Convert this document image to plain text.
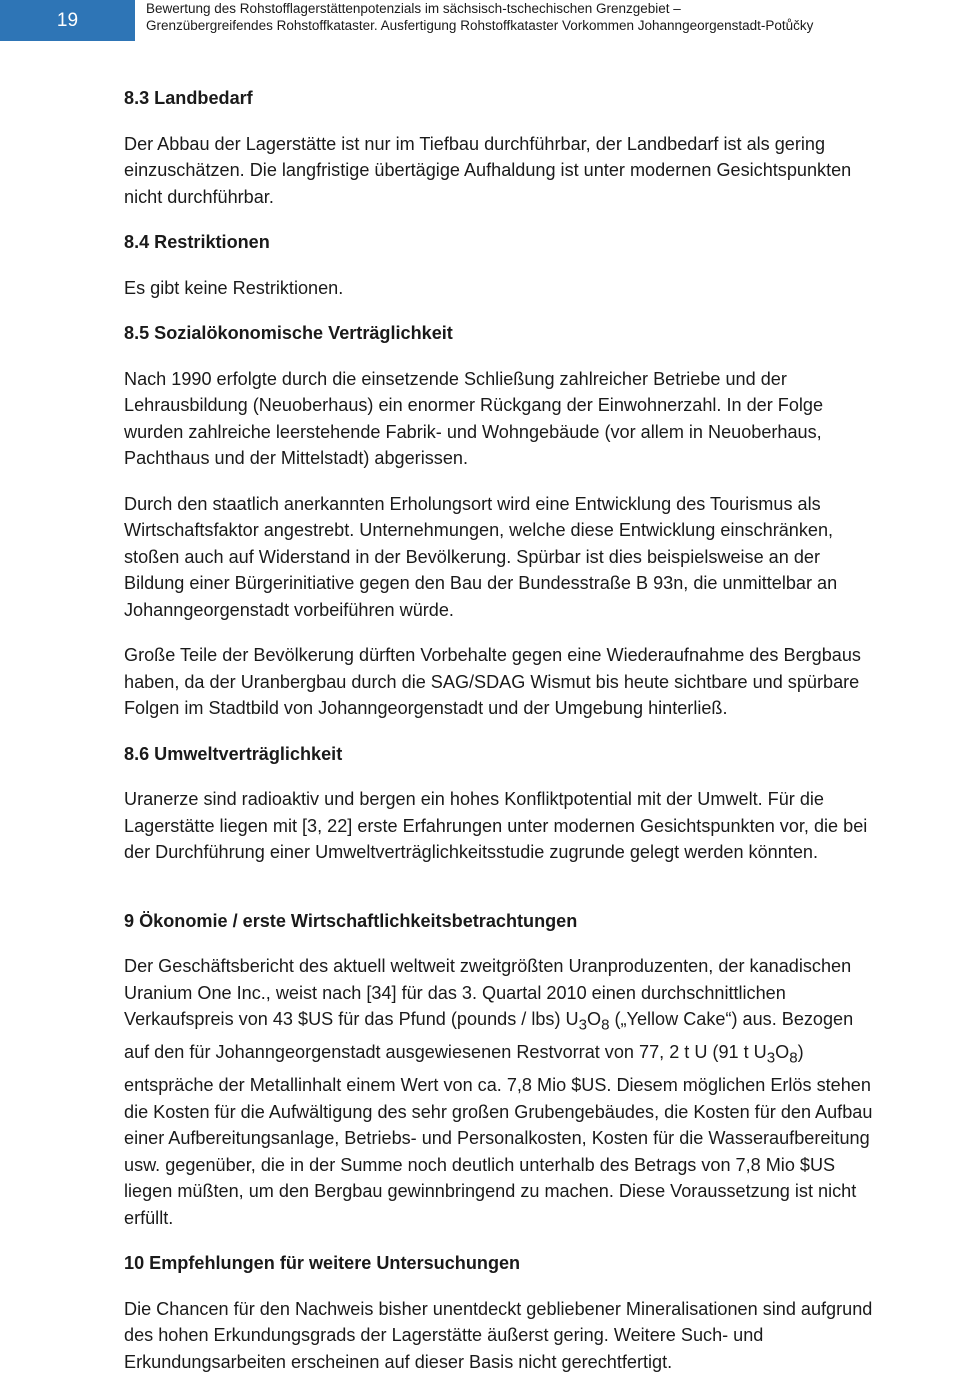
19
Bewertung des Rohstofflagerstättenpotenzials im sächsisch-tschechischen Grenzgebiet –
Grenzübergreifendes Rohstoffkataster. Ausfertigung Rohstoffkataster Vorkommen Johanngeorgenstadt-Potůčky

8.3 Landbedarf

Der Abbau der Lagerstätte ist nur im Tiefbau durchführbar, der Landbedarf ist als gering
einzuschätzen. Die langfristige übertägige Aufhaldung ist unter modernen Gesichtspunkten
nicht durchführbar.

8.4 Restriktionen

Es gibt keine Restriktionen.

8.5 Sozialökonomische Verträglichkeit

Nach 1990 erfolgte durch die einsetzende Schließung zahlreicher Betriebe und der
Lehrausbildung (Neuoberhaus) ein enormer Rückgang der Einwohnerzahl. In der Folge
wurden zahlreiche leerstehende Fabrik- und Wohngebäude (vor allem in Neuoberhaus,
Pachthaus und der Mittelstadt) abgerissen.

Durch den staatlich anerkannten Erholungsort wird eine Entwicklung des Tourismus als
Wirtschaftsfaktor angestrebt. Unternehmungen, welche diese Entwicklung einschränken,
stoßen auch auf Widerstand in der Bevölkerung. Spürbar ist dies beispielsweise an der
Bildung einer Bürgerinitiative gegen den Bau der Bundesstraße B 93n, die unmittelbar an
Johanngeorgenstadt vorbeiführen würde.

Große Teile der Bevölkerung dürften Vorbehalte gegen eine Wiederaufnahme des Bergbaus
haben, da der Uranbergbau durch die SAG/SDAG Wismut bis heute sichtbare und spürbare
Folgen im Stadtbild von Johanngeorgenstadt und der Umgebung hinterließ.

8.6 Umweltverträglichkeit

Uranerze sind radioaktiv und bergen ein hohes Konfliktpotential mit der Umwelt. Für die
Lagerstätte liegen mit [3, 22] erste Erfahrungen unter modernen Gesichtspunkten vor, die bei
der Durchführung einer Umweltverträglichkeitsstudie zugrunde gelegt werden könnten.

9 Ökonomie / erste Wirtschaftlichkeitsbetrachtungen

Der Geschäftsbericht des aktuell weltweit zweitgrößten Uranproduzenten, der kanadischen
Uranium One Inc., weist nach [34] für das 3. Quartal 2010 einen durchschnittlichen
Verkaufspreis von 43 $US für das Pfund (pounds / lbs) $U_3O_8$ („Yellow Cake“) aus. Bezogen
auf den für Johanngeorgenstadt ausgewiesenen Restvorrat von 77, 2 t U (91 t $U_3O_8$)
entspräche der Metallinhalt einem Wert von ca. 7,8 Mio $US. Diesem möglichen Erlös stehen
die Kosten für die Aufwältigung des sehr großen Grubengebäudes, die Kosten für den Aufbau
einer Aufbereitungsanlage, Betriebs- und Personalkosten, Kosten für die Wasseraufbereitung
usw. gegenüber, die in der Summe noch deutlich unterhalb des Betrags von 7,8 Mio $US
liegen müßten, um den Bergbau gewinnbringend zu machen. Diese Voraussetzung ist nicht
erfüllt.

10 Empfehlungen für weitere Untersuchungen

Die Chancen für den Nachweis bisher unentdeckt gebliebener Mineralisationen sind aufgrund
des hohen Erkundungsgrads der Lagerstätte äußerst gering. Weitere Such- und
Erkundungsarbeiten erscheinen auf dieser Basis nicht gerechtfertigt.
